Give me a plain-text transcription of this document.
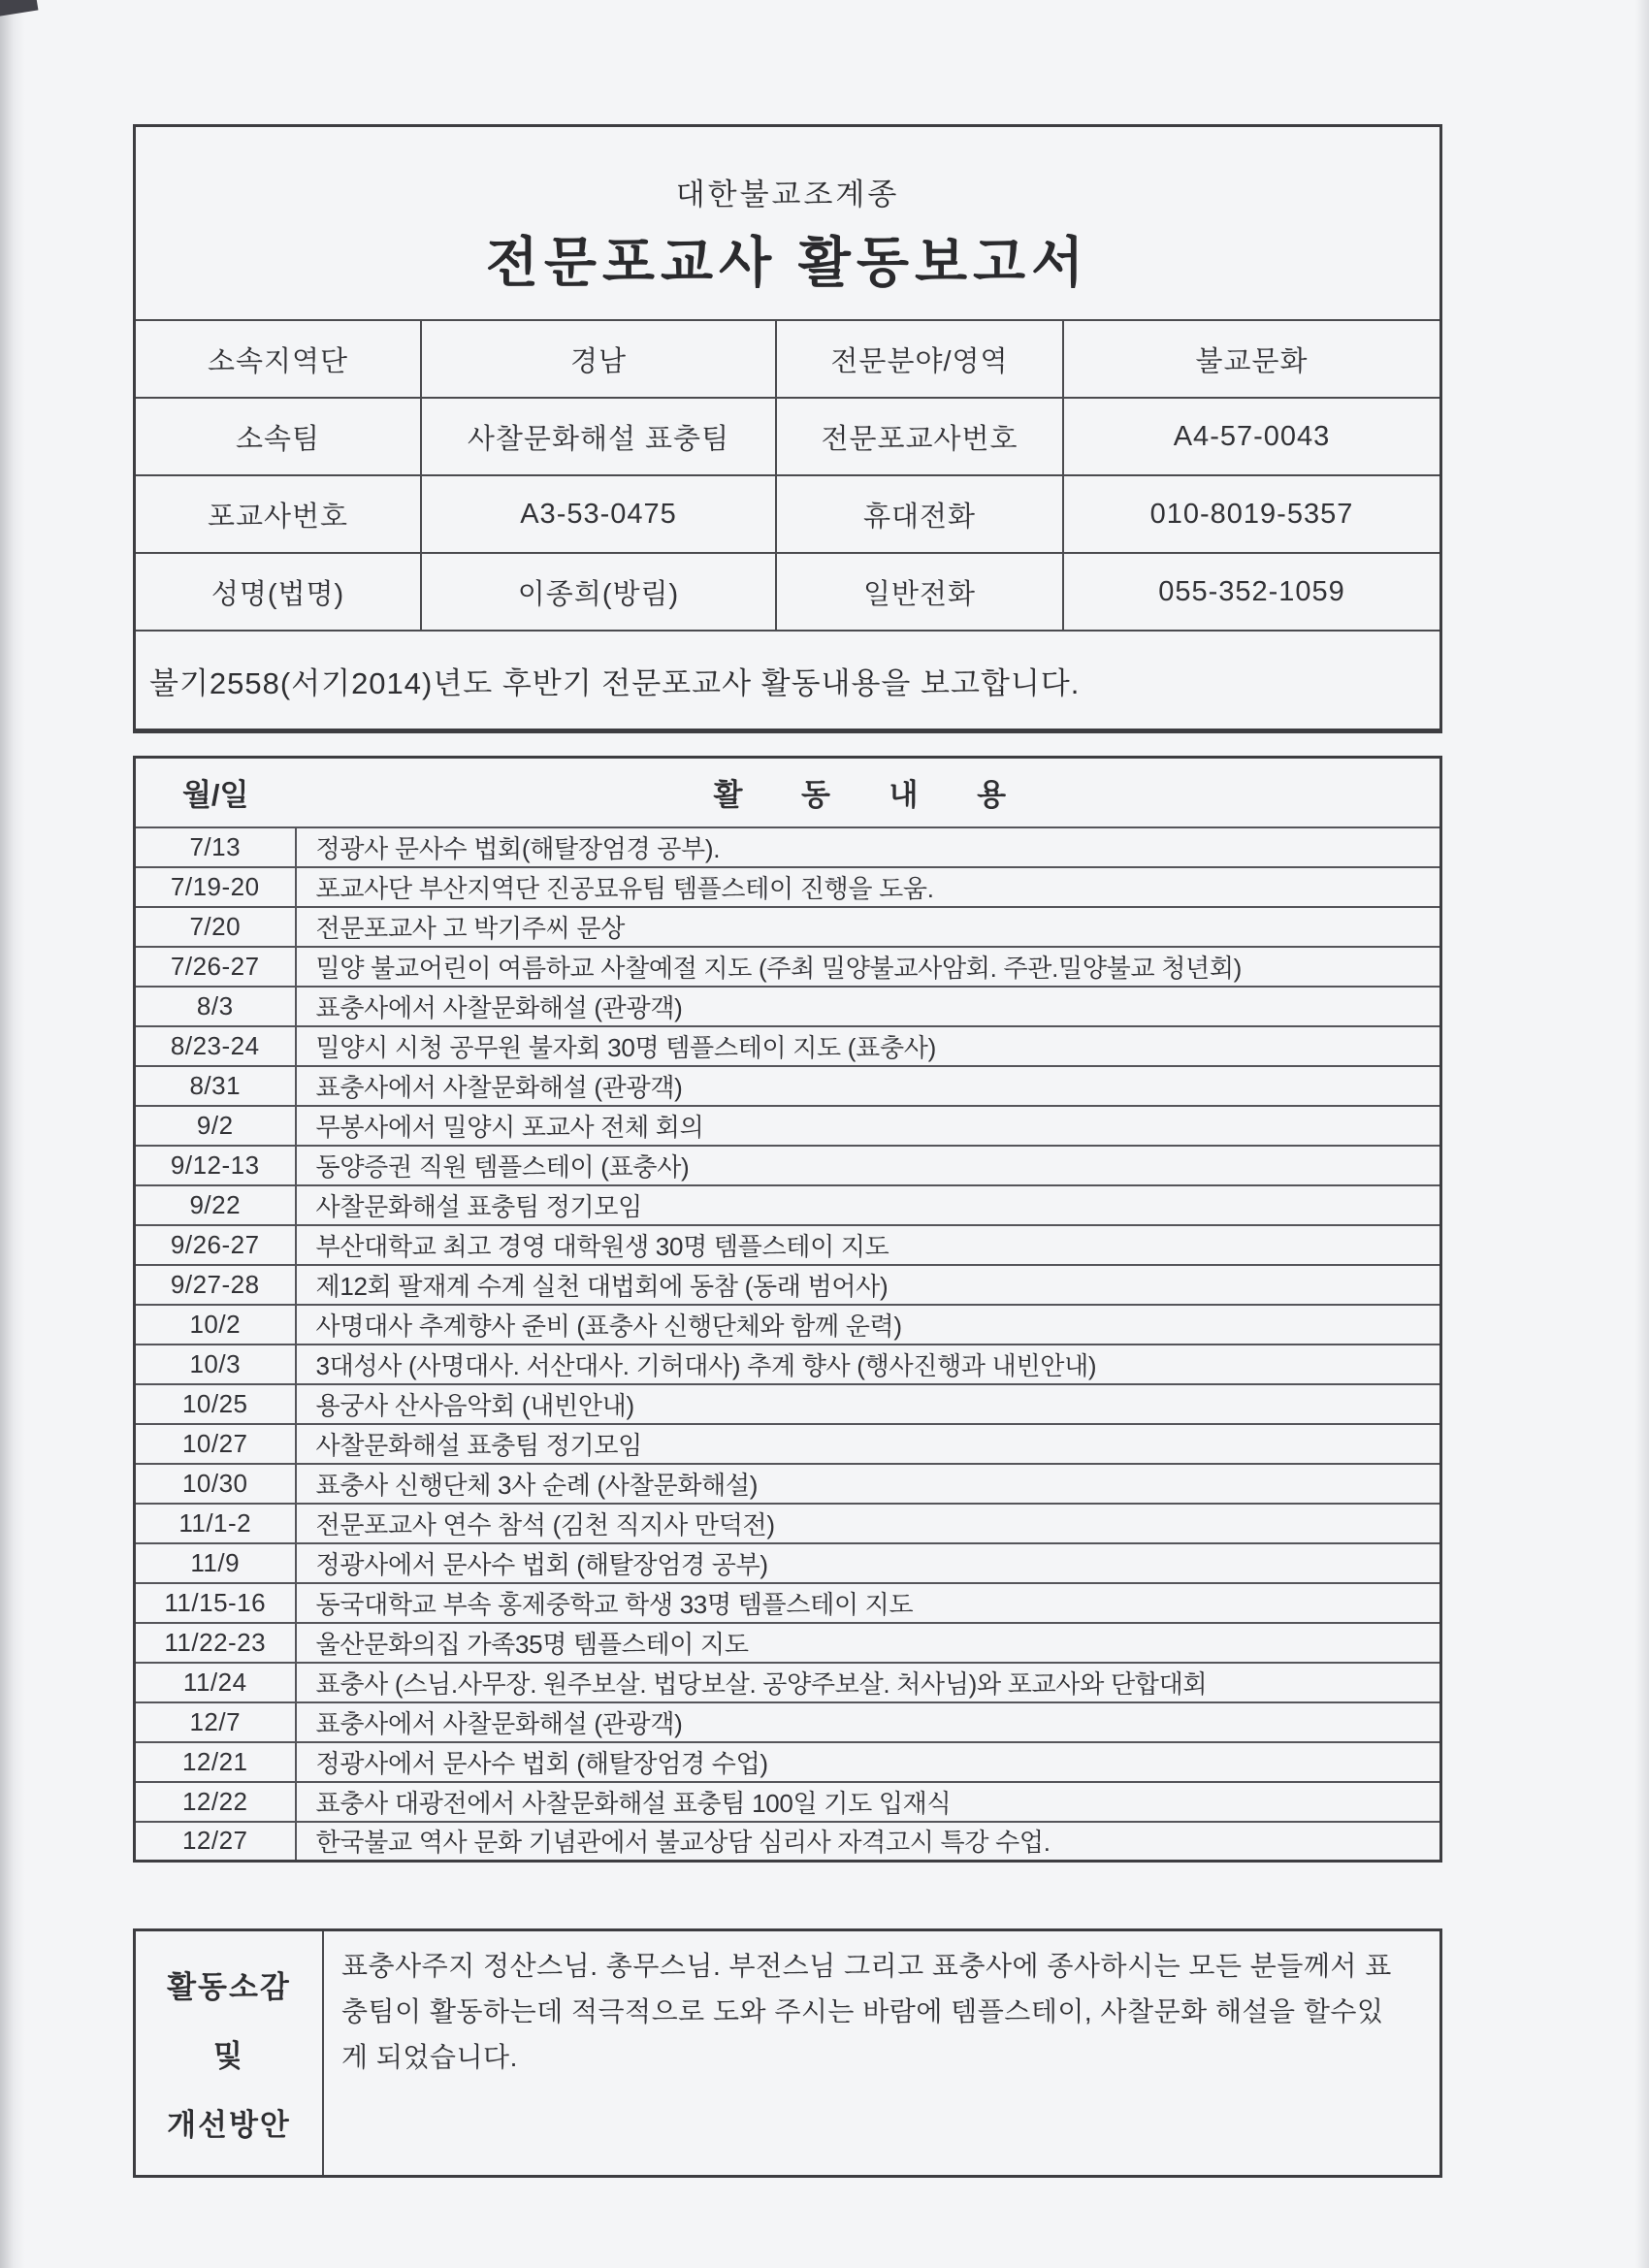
대한불교조계종
전문포교사 활동보고서
소속지역단	경남	전문분야/영역	불교문화
소속팀	사찰문화해설 표충팀	전문포교사번호	A4-57-0043
포교사번호	A3-53-0475	휴대전화	010-8019-5357
성명(법명)	이종희(방림)	일반전화	055-352-1059
불기2558(서기2014)년도 후반기 전문포교사 활동내용을 보고합니다.			
월/일	활 동 내 용
7/13	정광사 문사수 법회(해탈장엄경 공부).
7/19-20	포교사단 부산지역단 진공묘유팀 템플스테이 진행을 도움.
7/20	전문포교사 고 박기주씨 문상
7/26-27	밀양 불교어린이 여름하교 사찰예절 지도 (주최 밀양불교사암회. 주관.밀양불교 청년회)
8/3	표충사에서 사찰문화해설 (관광객)
8/23-24	밀양시 시청 공무원 불자회 30명 템플스테이 지도 (표충사)
8/31	표충사에서 사찰문화해설 (관광객)
9/2	무봉사에서 밀양시 포교사 전체 회의
9/12-13	동양증권 직원 템플스테이 (표충사)
9/22	사찰문화해설 표충팀 정기모임
9/26-27	부산대학교 최고 경영 대학원생 30명 템플스테이 지도
9/27-28	제12회 팔재계 수계 실천 대법회에 동참 (동래 범어사)
10/2	사명대사 추계향사 준비 (표충사 신행단체와 함께 운력)
10/3	3대성사 (사명대사. 서산대사. 기허대사) 추계 향사 (행사진행과 내빈안내)
10/25	용궁사 산사음악회 (내빈안내)
10/27	사찰문화해설 표충팀 정기모임
10/30	표충사 신행단체 3사 순례 (사찰문화해설)
11/1-2	전문포교사 연수 참석 (김천 직지사 만덕전)
11/9	정광사에서 문사수 법회 (해탈장엄경 공부)
11/15-16	동국대학교 부속 홍제중학교 학생 33명 템플스테이 지도
11/22-23	울산문화의집 가족35명 템플스테이 지도
11/24	표충사 (스님.사무장. 원주보살. 법당보살. 공양주보살. 처사님)와 포교사와 단합대회
12/7	표충사에서 사찰문화해설 (관광객)
12/21	정광사에서 문사수 법회 (해탈장엄경 수업)
12/22	표충사 대광전에서 사찰문화해설 표충팀 100일 기도 입재식
12/27	한국불교 역사 문화 기념관에서 불교상담 심리사 자격고시 특강 수업.
활동소감
및
개선방안
표충사주지 정산스님. 총무스님. 부전스님 그리고 표충사에 종사하시는 모든 분들께서 표충팀이 활동하는데 적극적으로 도와 주시는 바람에 템플스테이, 사찰문화 해설을 할수있게 되었습니다.
